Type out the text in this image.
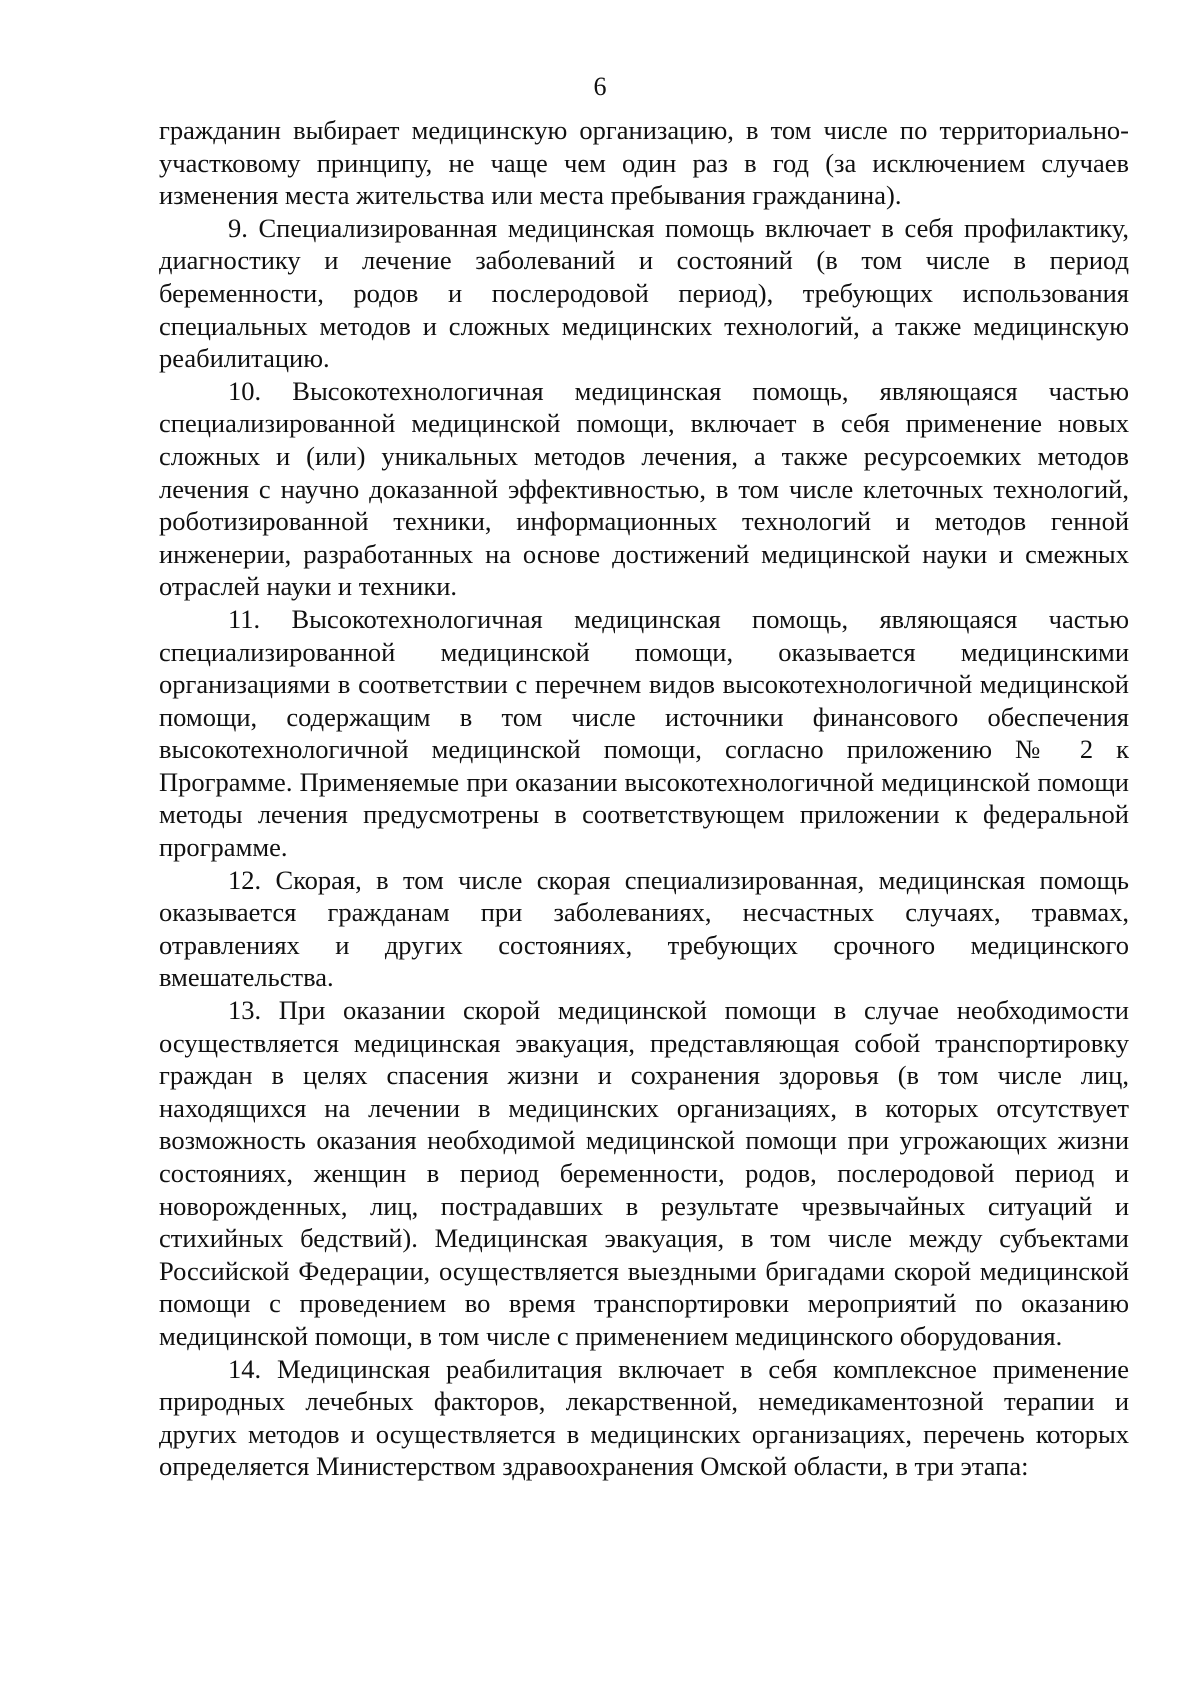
6

гражданин выбирает медицинскую организацию, в том числе по территориально-участковому принципу, не чаще чем один раз в год (за исключением случаев изменения места жительства или места пребывания гражданина).

9. Специализированная медицинская помощь включает в себя профилактику, диагностику и лечение заболеваний и состояний (в том числе в период беременности, родов и послеродовой период), требующих использования специальных методов и сложных медицинских технологий, а также медицинскую реабилитацию.

10. Высокотехнологичная медицинская помощь, являющаяся частью специализированной медицинской помощи, включает в себя применение новых сложных и (или) уникальных методов лечения, а также ресурсоемких методов лечения с научно доказанной эффективностью, в том числе клеточных технологий, роботизированной техники, информационных технологий и методов генной инженерии, разработанных на основе достижений медицинской науки и смежных отраслей науки и техники.

11. Высокотехнологичная медицинская помощь, являющаяся частью специализированной медицинской помощи, оказывается медицинскими организациями в соответствии с перечнем видов высокотехнологичной медицинской помощи, содержащим в том числе источники финансового обеспечения высокотехнологичной медицинской помощи, согласно приложению № 2 к Программе. Применяемые при оказании высокотехнологичной медицинской помощи методы лечения предусмотрены в соответствующем приложении к федеральной программе.

12. Скорая, в том числе скорая специализированная, медицинская помощь оказывается гражданам при заболеваниях, несчастных случаях, травмах, отравлениях и других состояниях, требующих срочного медицинского вмешательства.

13. При оказании скорой медицинской помощи в случае необходимости осуществляется медицинская эвакуация, представляющая собой транспортировку граждан в целях спасения жизни и сохранения здоровья (в том числе лиц, находящихся на лечении в медицинских организациях, в которых отсутствует возможность оказания необходимой медицинской помощи при угрожающих жизни состояниях, женщин в период беременности, родов, послеродовой период и новорожденных, лиц, пострадавших в результате чрезвычайных ситуаций и стихийных бедствий). Медицинская эвакуация, в том числе между субъектами Российской Федерации, осуществляется выездными бригадами скорой медицинской помощи с проведением во время транспортировки мероприятий по оказанию медицинской помощи, в том числе с применением медицинского оборудования.

14. Медицинская реабилитация включает в себя комплексное применение природных лечебных факторов, лекарственной, немедикаментозной терапии и других методов и осуществляется в медицинских организациях, перечень которых определяется Министерством здравоохранения Омской области, в три этапа:
